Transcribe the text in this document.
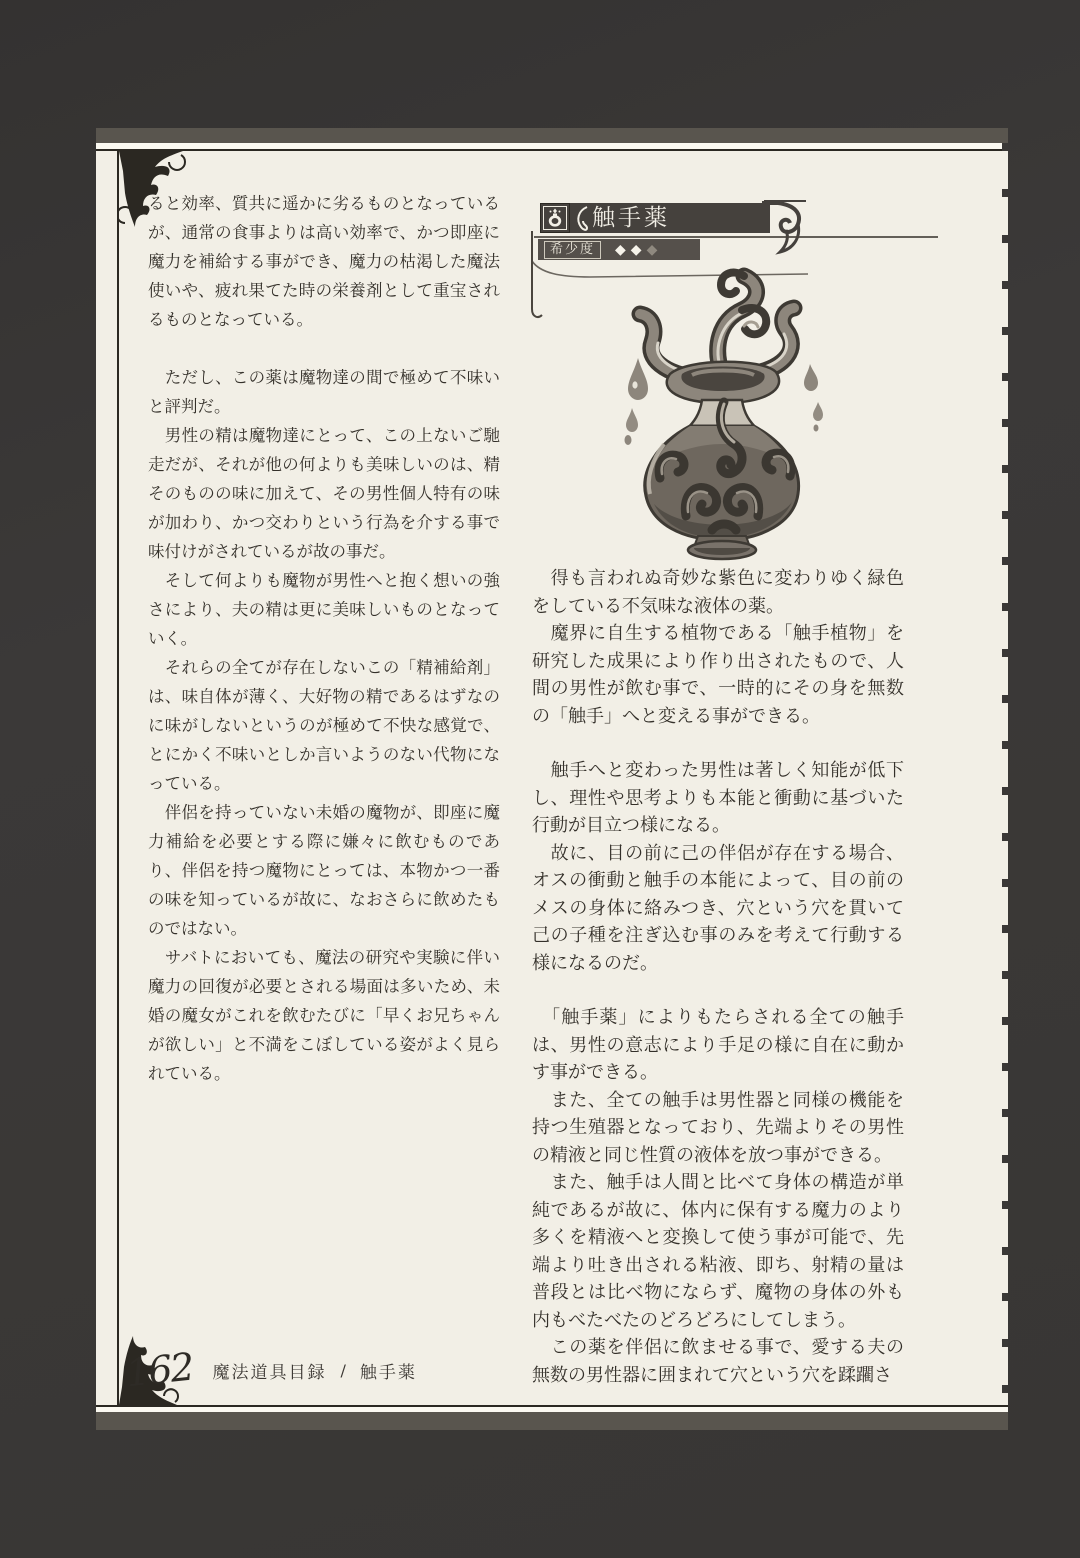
ると効率、質共に遥かに劣るものとなっているが、通常の食事よりは高い効率で、かつ即座に魔力を補給する事ができ、魔力の枯渇した魔法使いや、疲れ果てた時の栄養剤として重宝されるものとなっている。

　ただし、この薬は魔物達の間で極めて不味いと評判だ。

　男性の精は魔物達にとって、この上ないご馳走だが、それが他の何よりも美味しいのは、精そのものの味に加えて、その男性個人特有の味が加わり、かつ交わりという行為を介する事で味付けがされているが故の事だ。

　そして何よりも魔物が男性へと抱く想いの強さにより、夫の精は更に美味しいものとなっていく。

　それらの全てが存在しないこの「精補給剤」は、味自体が薄く、大好物の精であるはずなのに味がしないというのが極めて不快な感覚で、とにかく不味いとしか言いようのない代物になっている。

　伴侶を持っていない未婚の魔物が、即座に魔力補給を必要とする際に嫌々に飲むものであり、伴侶を持つ魔物にとっては、本物かつ一番の味を知っているが故に、なおさらに飲めたものではない。

　サバトにおいても、魔法の研究や実験に伴い魔力の回復が必要とされる場面は多いため、未婚の魔女がこれを飲むたびに「早くお兄ちゃんが欲しい」と不満をこぼしている姿がよく見られている。

触手薬
希少度	◆ ◆ ◆

　得も言われぬ奇妙な紫色に変わりゆく緑色をしている不気味な液体の薬。

　魔界に自生する植物である「触手植物」を研究した成果により作り出されたもので、人間の男性が飲む事で、一時的にその身を無数の「触手」へと変える事ができる。

　触手へと変わった男性は著しく知能が低下し、理性や思考よりも本能と衝動に基づいた行動が目立つ様になる。

　故に、目の前に己の伴侶が存在する場合、オスの衝動と触手の本能によって、目の前のメスの身体に絡みつき、穴という穴を貫いて己の子種を注ぎ込む事のみを考えて行動する様になるのだ。

　「触手薬」によりもたらされる全ての触手は、男性の意志により手足の様に自在に動かす事ができる。

　また、全ての触手は男性器と同様の機能を持つ生殖器となっており、先端よりその男性の精液と同じ性質の液体を放つ事ができる。

　また、触手は人間と比べて身体の構造が単純であるが故に、体内に保有する魔力のより多くを精液へと変換して使う事が可能で、先端より吐き出される粘液、即ち、射精の量は普段とは比べ物にならず、魔物の身体の外も内もべたべたのどろどろにしてしまう。

　この薬を伴侶に飲ませる事で、愛する夫の無数の男性器に囲まれて穴という穴を蹂躙さ

162 魔法道具目録 / 触手薬
